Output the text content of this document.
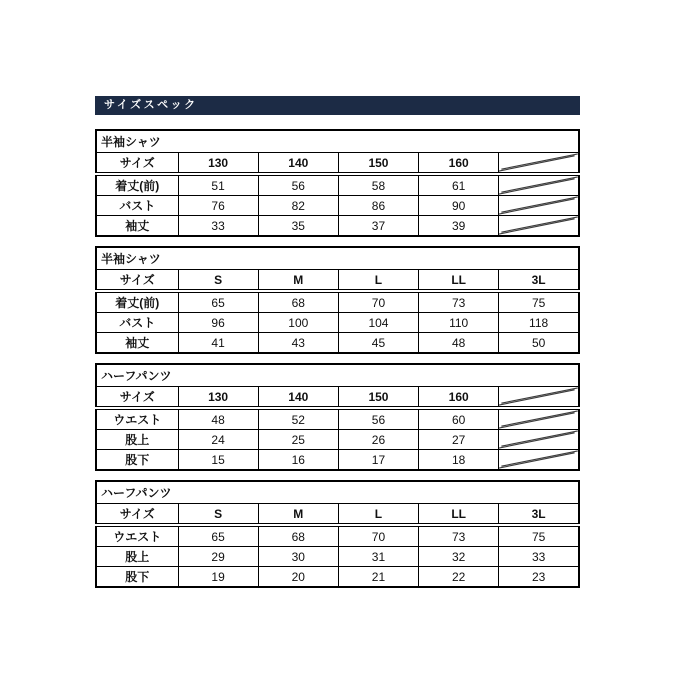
サイズスペック
半袖シャツ					
サイズ	130	140	150	160	

着丈(前)	51	56	58	61	

バスト	76	82	86	90	

袖丈	33	35	37	39	
半袖シャツ					
サイズ	S	M	L	LL	3L
着丈(前)	65	68	70	73	75
バスト	96	100	104	110	118
袖丈	41	43	45	48	50
ハーフパンツ					
サイズ	130	140	150	160	

ウエスト	48	52	56	60	

股上	24	25	26	27	

股下	15	16	17	18	
ハーフパンツ					
サイズ	S	M	L	LL	3L
ウエスト	65	68	70	73	75
股上	29	30	31	32	33
股下	19	20	21	22	23
